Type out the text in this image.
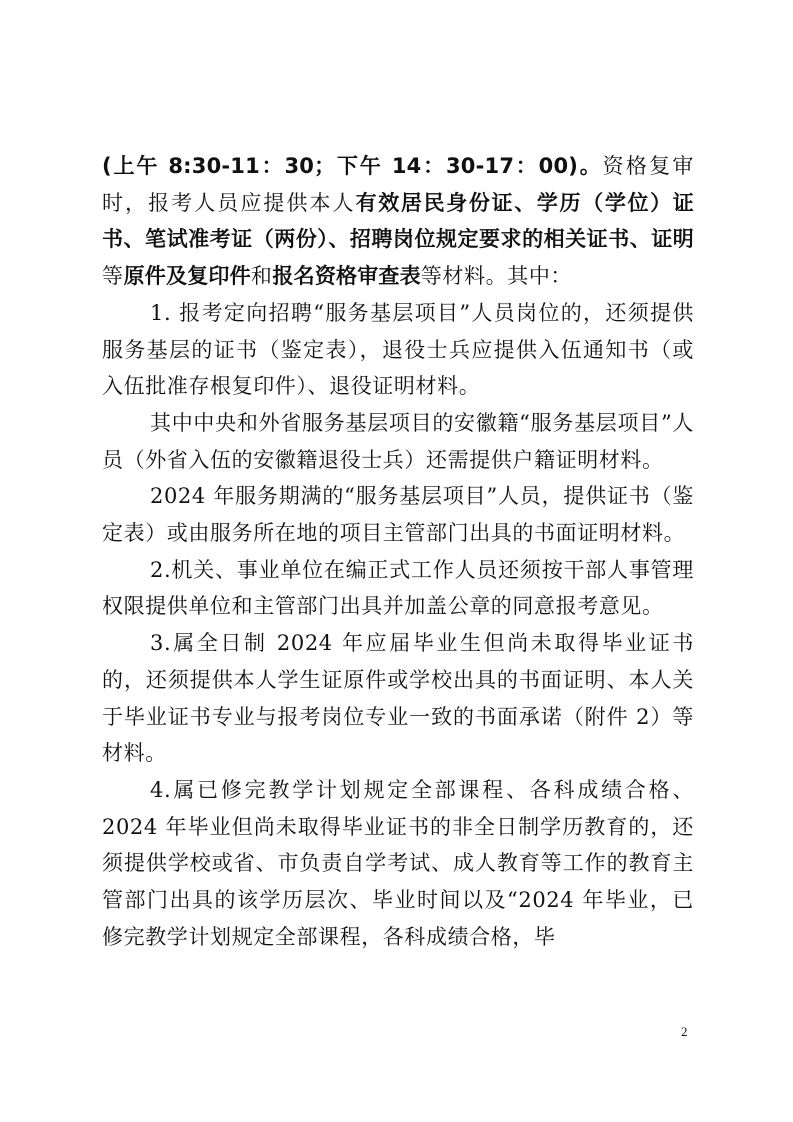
(上午 8:30-11：30；下午 14：30-17：00)。资格复审时，报考人员应提供本人有效居民身份证、学历（学位）证书、笔试准考证（两份）、招聘岗位规定要求的相关证书、证明等原件及复印件和报名资格审查表等材料。其中：

1. 报考定向招聘“服务基层项目”人员岗位的，还须提供服务基层的证书（鉴定表），退役士兵应提供入伍通知书（或入伍批准存根复印件）、退役证明材料。

其中中央和外省服务基层项目的安徽籍“服务基层项目”人员（外省入伍的安徽籍退役士兵）还需提供户籍证明材料。

2024 年服务期满的“服务基层项目”人员，提供证书（鉴定表）或由服务所在地的项目主管部门出具的书面证明材料。

2.机关、事业单位在编正式工作人员还须按干部人事管理权限提供单位和主管部门出具并加盖公章的同意报考意见。

3.属全日制 2024 年应届毕业生但尚未取得毕业证书的，还须提供本人学生证原件或学校出具的书面证明、本人关于毕业证书专业与报考岗位专业一致的书面承诺（附件 2）等材料。

4.属已修完教学计划规定全部课程、各科成绩合格、2024 年毕业但尚未取得毕业证书的非全日制学历教育的，还须提供学校或省、市负责自学考试、成人教育等工作的教育主管部门出具的该学历层次、毕业时间以及“2024 年毕业，已修完教学计划规定全部课程，各科成绩合格，毕

2
